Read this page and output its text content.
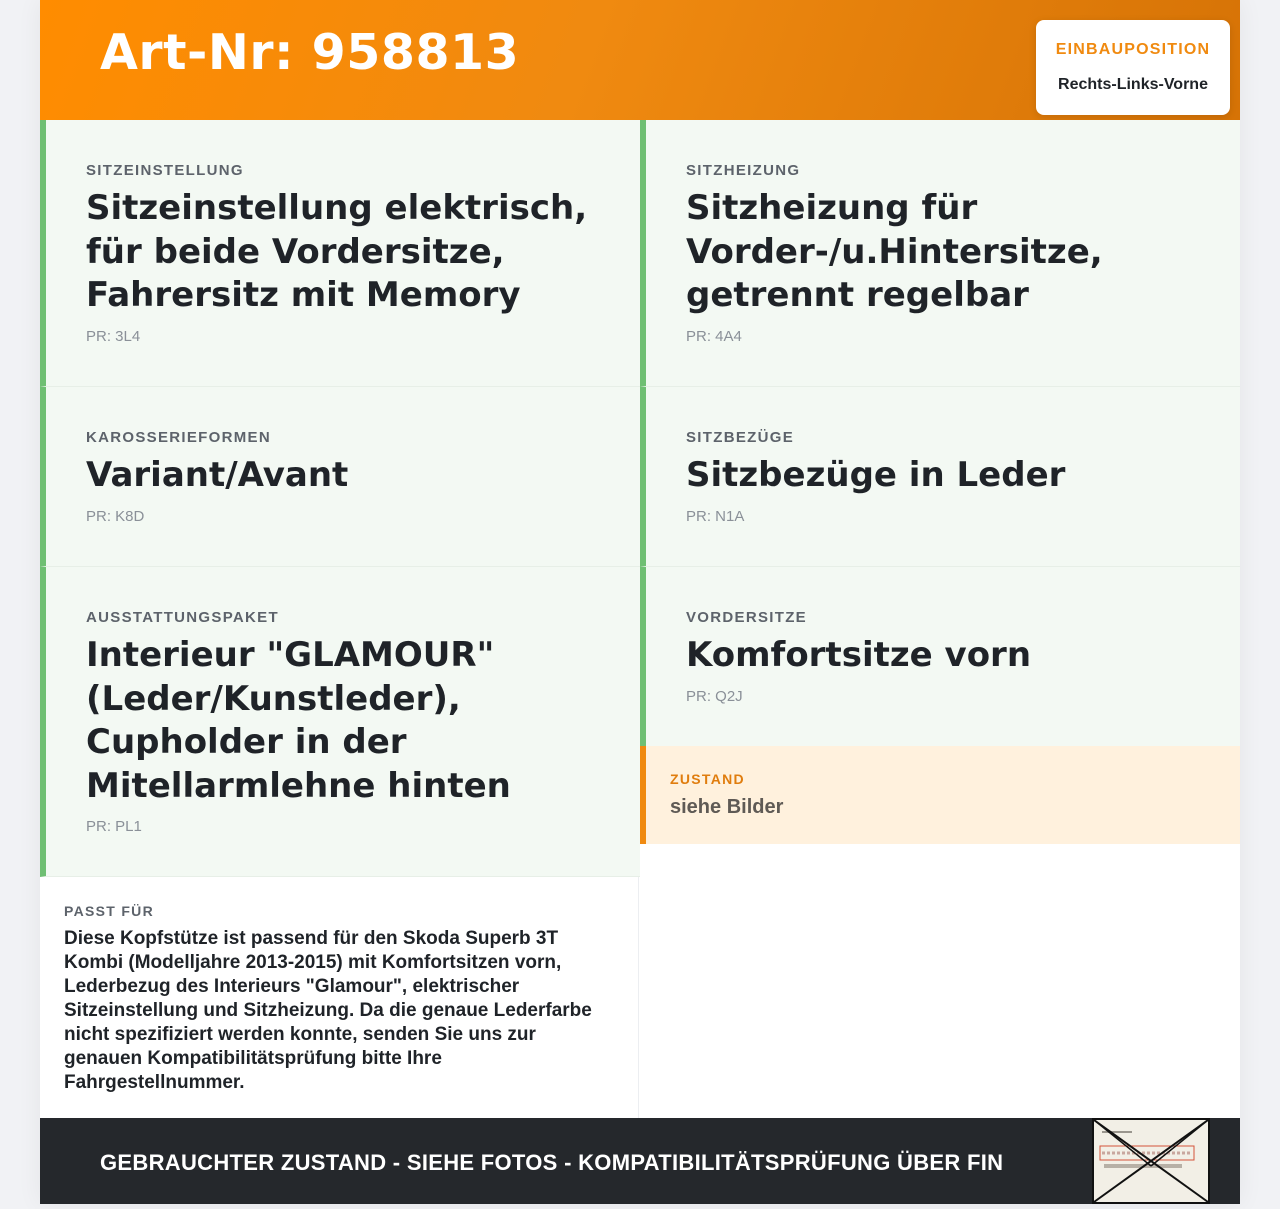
Art-Nr: 958813	EINBAUPOSITION
Rechts-Links-Vorne
SITZEINSTELLUNG
Sitzeinstellung elektrisch, für beide Vordersitze, Fahrersitz mit Memory
PR: 3L4
SITZHEIZUNG
Sitzheizung für Vorder-/u.Hintersitze, getrennt regelbar
PR: 4A4
KAROSSERIEFORMEN
Variant/Avant
PR: K8D
SITZBEZÜGE
Sitzbezüge in Leder
PR: N1A
AUSSTATTUNGSPAKET
Interieur "GLAMOUR" (Leder/Kunstleder), Cupholder in der Mitellarmlehne hinten
PR: PL1
VORDERSITZE
Komfortsitze vorn
PR: Q2J
ZUSTAND
siehe Bilder
PASST FÜR
Diese Kopfstütze ist passend für den Skoda Superb 3T Kombi (Modelljahre 2013-2015) mit Komfortsitzen vorn, Lederbezug des Interieurs "Glamour", elektrischer Sitzeinstellung und Sitzheizung. Da die genaue Lederfarbe nicht spezifiziert werden konnte, senden Sie uns zur genauen Kompatibilitätsprüfung bitte Ihre Fahrgestellnummer.
GEBRAUCHTER ZUSTAND - SIEHE FOTOS - KOMPATIBILITÄTSPRÜFUNG ÜBER FIN
